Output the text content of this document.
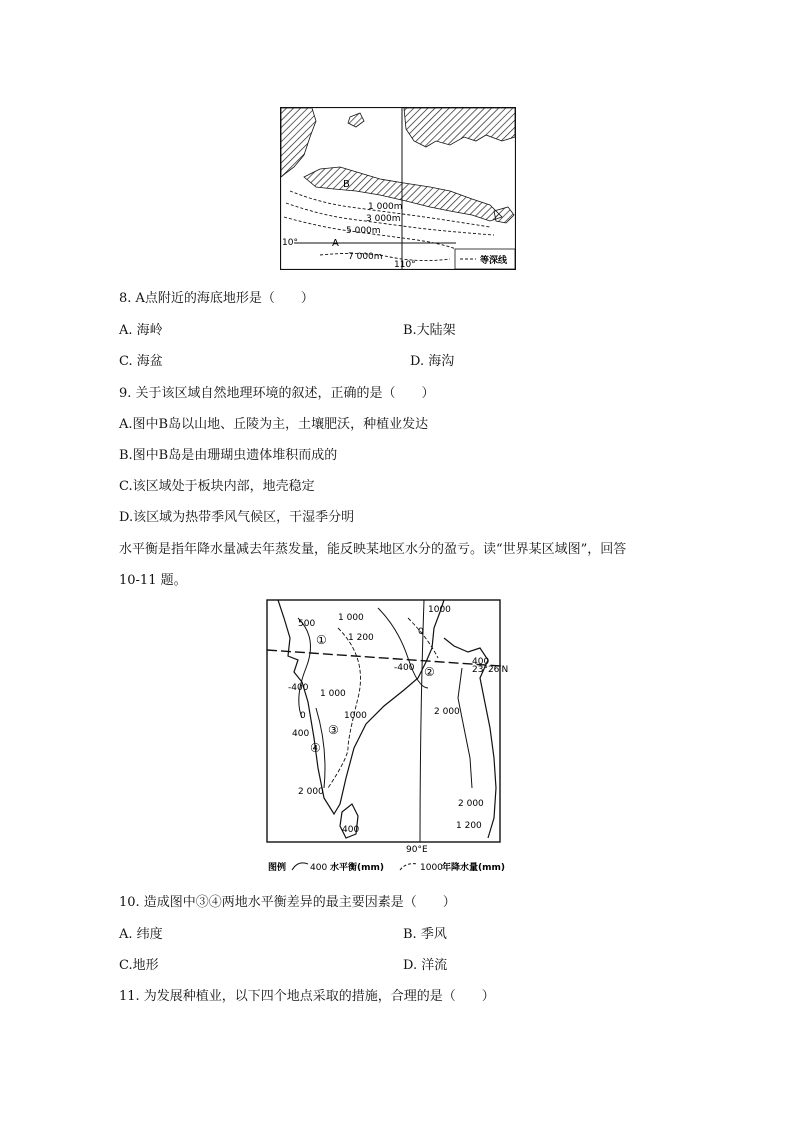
B
A
1 000m
3 000m
5 000m
7 000m
10°
110°	等深线
8. A点附近的海底地形是（　　）
A. 海岭	B.大陆架
C. 海盆	D. 海沟
9. 关于该区域自然地理环境的叙述，正确的是（　　）
A.图中B岛以山地、丘陵为主，土壤肥沃，种植业发达
B.图中B岛是由珊瑚虫遗体堆积而成的
C.该区域处于板块内部，地壳稳定
D.该区域为热带季风气候区，干湿季分明
水平衡是指年降水量减去年蒸发量，能反映某地区水分的盈亏。读“世界某区域图”，回答
10-11 题。
500
1 000
1000
1 200
0
-400
400
-400
1 000
1000
0
400
2 000
2 000
2 000
1 200
400
23°26′N
90°E
①
②
③
④
图例	400 水平衡(mm)	1000 年降水量(mm)
10. 造成图中③④两地水平衡差异的最主要因素是（　　）
A. 纬度	B. 季风
C.地形	D. 洋流
11. 为发展种植业，以下四个地点采取的措施，合理的是（　　）
